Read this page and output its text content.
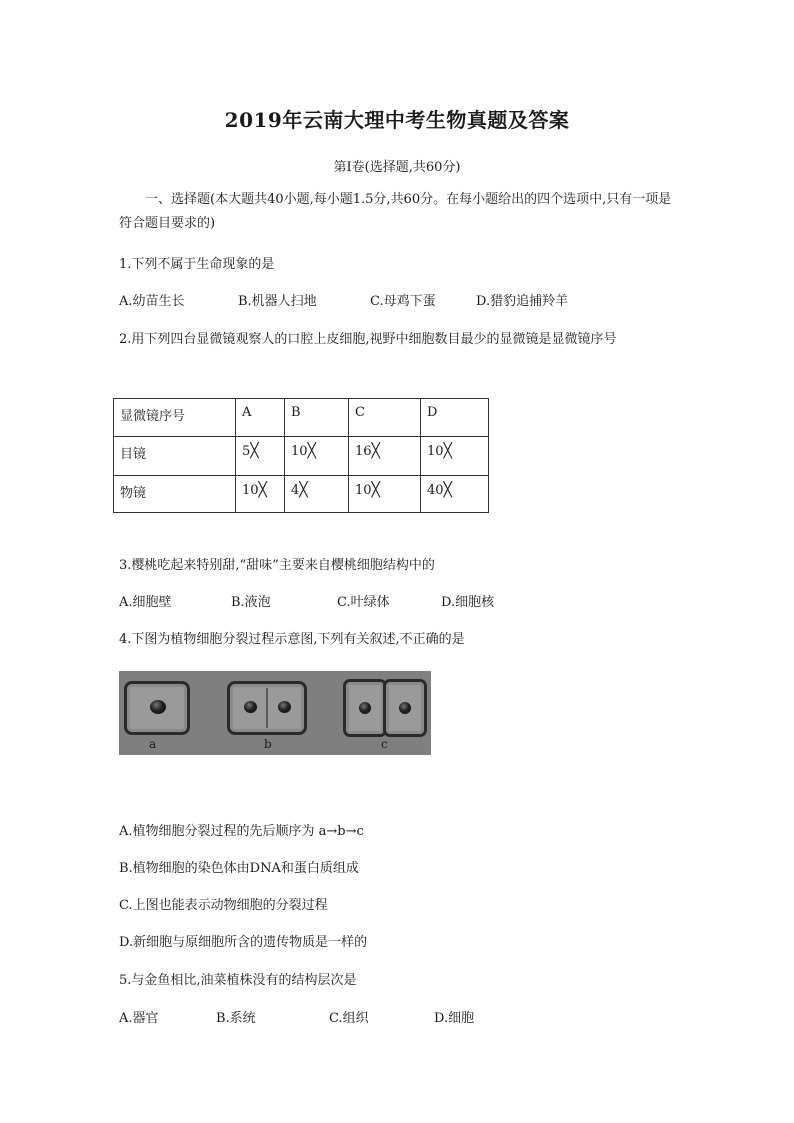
2019年云南大理中考生物真题及答案
第Ⅰ卷(选择题,共60分)
一、选择题(本大题共40小题,每小题1.5分,共60分。在每小题给出的四个选项中,只有一项是符合题目要求的)
1.下列不属于生命现象的是
A.幼苗生长	B.机器人扫地	C.母鸡下蛋	D.猎豹追捕羚羊
2.用下列四台显微镜观察人的口腔上皮细胞,视野中细胞数目最少的显微镜是显微镜序号
显微镜序号	A	B	C	D
目镜	5╳	10╳	16╳	10╳
物镜	10╳	4╳	10╳	40╳
3.樱桃吃起来特别甜,“甜味”主要来自樱桃细胞结构中的
A.细胞壁	B.液泡	C.叶绿体	D.细胞核
4.下图为植物细胞分裂过程示意图,下列有关叙述,不正确的是
a	b	c
A.植物细胞分裂过程的先后顺序为 a→b→c
B.植物细胞的染色体由DNA和蛋白质组成
C.上图也能表示动物细胞的分裂过程
D.新细胞与原细胞所含的遗传物质是一样的
5.与金鱼相比,油菜植株没有的结构层次是
A.器官	B.系统	C.组织	D.细胞
